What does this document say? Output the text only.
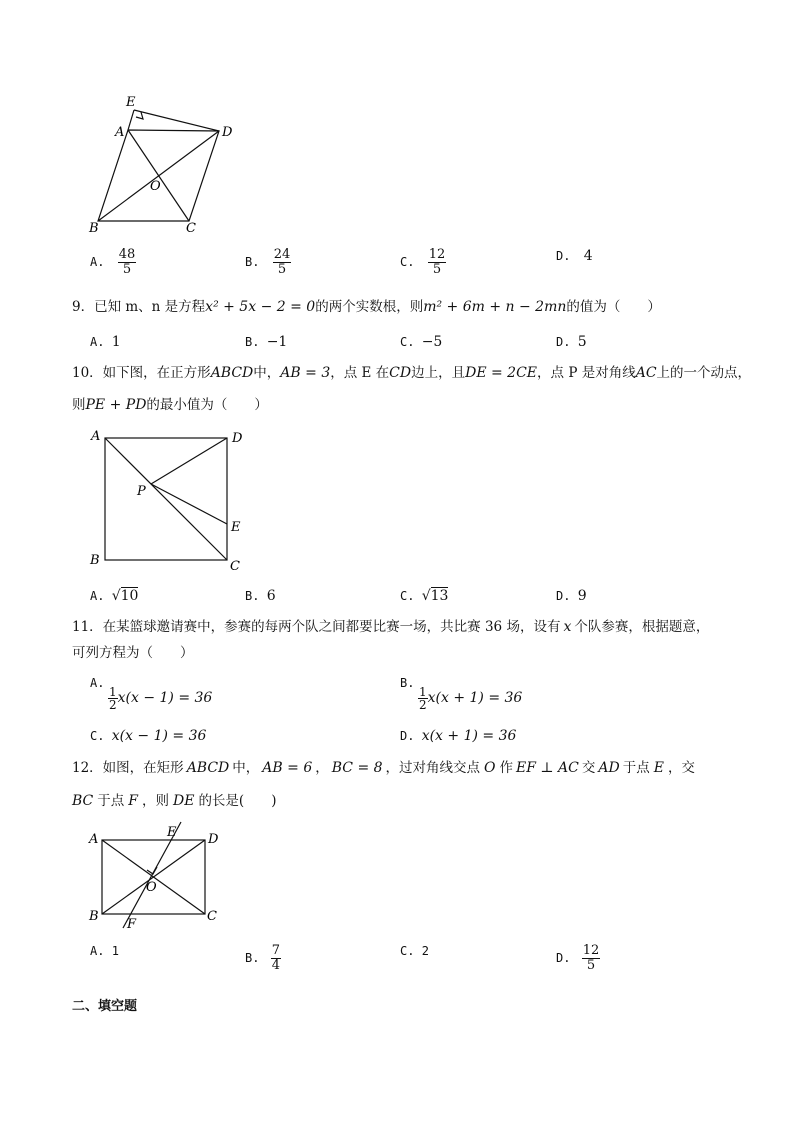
E
A	D
O
B	C
A. $\frac{48}{5}$	B. $\frac{24}{5}$	C. $\frac{12}{5}$	D. 4
9．已知 m、n 是方程x² + 5x − 2 = 0的两个实数根，则m² + 6m + n − 2mn的值为（　　）
A. 1	B. −1	C. −5	D. 5
10．如下图，在正方形ABCD中，AB = 3，点 E 在CD边上，且DE = 2CE，点 P 是对角线AC上的一个动点，
则PE + PD的最小值为（　　）
A	D
P
E
B	C
A. √10	B. 6	C. √13	D. 9
11．在某篮球邀请赛中，参赛的每两个队之间都要比赛一场，共比赛 36 场，设有 x 个队参赛，根据题意，
可列方程为（　　）
A.
$\frac{1}{2} x(x - 1) = 36$
B.
$\frac{1}{2} x(x + 1) = 36$
C. x(x − 1) = 36	D. x(x + 1) = 36
12．如图，在矩形 ABCD 中， AB = 6 ， BC = 8 ，过对角线交点 O 作 EF ⊥ AC 交 AD 于点 E ，交
BC 于点 F ，则 DE 的长是(　　)
A	E D
O
B
F
C
A. 1	B. $\frac{7}{4}$	C. 2	D. $\frac{12}{5}$
二、填空题
